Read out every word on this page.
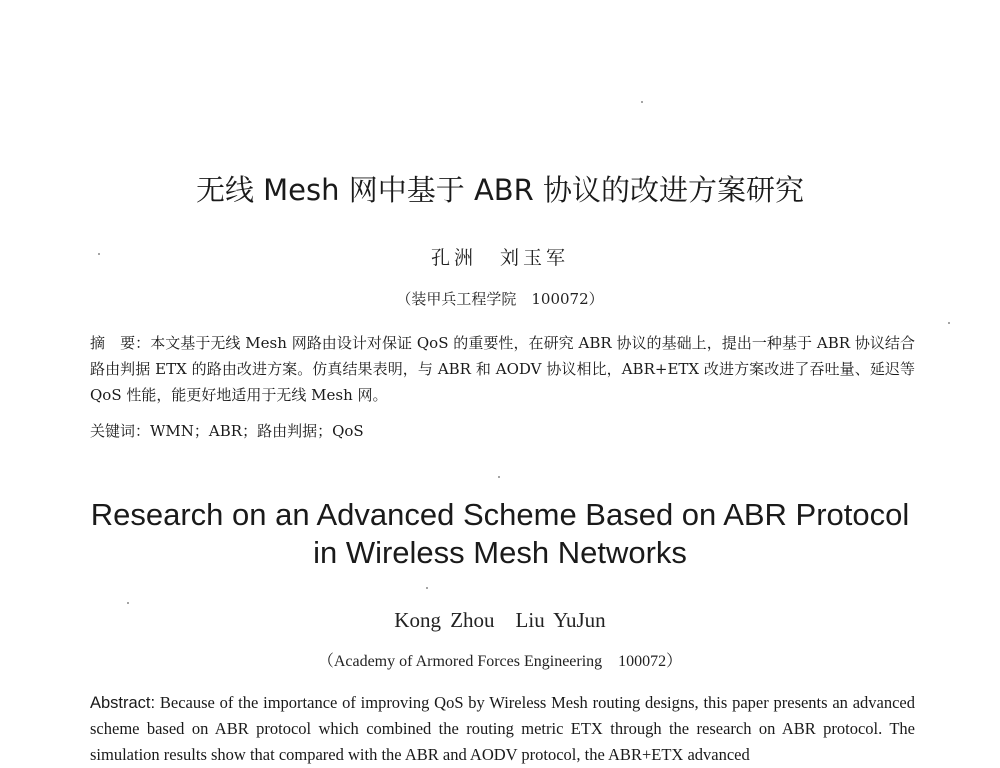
无线 Mesh 网中基于 ABR 协议的改进方案研究
孔洲　刘玉军
（装甲兵工程学院　100072）
摘　要：本文基于无线 Mesh 网路由设计对保证 QoS 的重要性，在研究 ABR 协议的基础上，提出一种基于 ABR 协议结合路由判据 ETX 的路由改进方案。仿真结果表明，与 ABR 和 AODV 协议相比，ABR+ETX 改进方案改进了吞吐量、延迟等 QoS 性能，能更好地适用于无线 Mesh 网。
关键词：WMN；ABR；路由判据；QoS
Research on an Advanced Scheme Based on ABR Protocol
in Wireless Mesh Networks
Kong Zhou　Liu YuJun
（Academy of Armored Forces Engineering　100072）
Abstract: Because of the importance of improving QoS by Wireless Mesh routing designs, this paper presents an advanced scheme based on ABR protocol which combined the routing metric ETX through the research on ABR protocol. The simulation results show that compared with the ABR and AODV protocol, the ABR+ETX advanced
